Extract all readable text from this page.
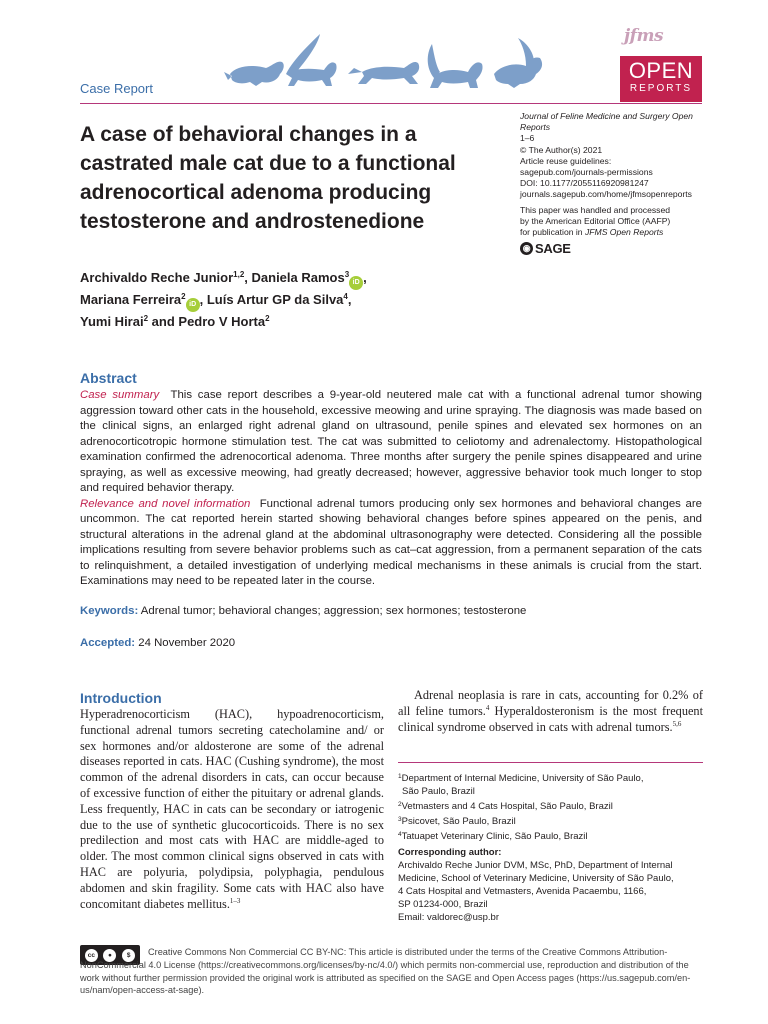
Case Report
jfms
OPEN
REPORTS
A case of behavioral changes in a castrated male cat due to a functional adrenocortical adenoma producing testosterone and androstenedione
Journal of Feline Medicine and Surgery Open Reports
1–6
© The Author(s) 2021
Article reuse guidelines:
sagepub.com/journals-permissions
DOI: 10.1177/2055116920981247
journals.sagepub.com/home/jfmsopenreports
This paper was handled and processed
by the American Editorial Office (AAFP)
for publication in JFMS Open Reports
◉ SAGE
Archivaldo Reche Junior$^{1,2}$, Daniela Ramos$^3$iD ,
Mariana Ferreira$^2$iD , Luís Artur GP da Silva$^4$,
Yumi Hirai$^2$ and Pedro V Horta$^2$
Abstract

Case summary This case report describes a 9-year-old neutered male cat with a functional adrenal tumor showing aggression toward other cats in the household, excessive meowing and urine spraying. The diagnosis was made based on the clinical signs, an enlarged right adrenal gland on ultrasound, penile spines and elevated sex hormones on an adrenocorticotropic hormone stimulation test. The cat was submitted to celiotomy and adrenalectomy. Histopathological examination confirmed the adrenocortical adenoma. Three months after surgery the penile spines disappeared and urine spraying, as well as excessive meowing, had greatly decreased; however, aggressive behavior took much longer to stop and required behavior therapy.

Relevance and novel information Functional adrenal tumors producing only sex hormones and behavioral changes are uncommon. The cat reported herein started showing behavioral changes before spines appeared on the penis, and structural alterations in the adrenal gland at the abdominal ultrasonography were detected. Considering all the possible implications resulting from severe behavior problems such as cat–cat aggression, from a permanent separation of the cats to relinquishment, a detailed investigation of underlying medical mechanisms in these animals is crucial from the start. Examinations may need to be repeated later in the course.

Keywords: Adrenal tumor; behavioral changes; aggression; sex hormones; testosterone
Accepted: 24 November 2020
Introduction
Hyperadrenocorticism (HAC), hypoadrenocorticism, functional adrenal tumors secreting catecholamine and/ or sex hormones and/or aldosterone are some of the adrenal diseases reported in cats. HAC (Cushing syndrome), the most common of the adrenal disorders in cats, can occur because of excessive function of either the pituitary or adrenal glands. Less frequently, HAC in cats can be secondary or iatrogenic due to the use of synthetic glucocorticoids. There is no sex predilection and most cats with HAC are middle-aged to older. The most common clinical signs observed in cats with HAC are polyuria, polydipsia, polyphagia, pendulous abdomen and skin fragility. Some cats with HAC also have concomitant diabetes mellitus.$^{1-3}$
Adrenal neoplasia is rare in cats, accounting for 0.2% of all feline tumors.$^4$ Hyperaldosteronism is the most frequent clinical syndrome observed in cats with adrenal tumors.$^{5,6}$
$^1$Department of Internal Medicine, University of São Paulo,
São Paulo, Brazil
$^2$Vetmasters and 4 Cats Hospital, São Paulo, Brazil
$^3$Psicovet, São Paulo, Brazil
$^4$Tatuapet Veterinary Clinic, São Paulo, Brazil
Corresponding author:
Archivaldo Reche Junior DVM, MSc, PhD, Department of Internal
Medicine, School of Veterinary Medicine, University of São Paulo,
4 Cats Hospital and Vetmasters, Avenida Pacaembu, 1166,
SP 01234-000, Brazil
Email: valdorec@usp.br
cc	●	$	Creative Commons Non Commercial CC BY-NC: This article is distributed under the terms of the Creative Commons Attribution-NonCommercial 4.0 License (https://creativecommons.org/licenses/by-nc/4.0/) which permits non-commercial use, reproduction and distribution of the work without further permission provided the original work is attributed as specified on the SAGE and Open Access pages (https://us.sagepub.com/en-us/nam/open-access-at-sage).
